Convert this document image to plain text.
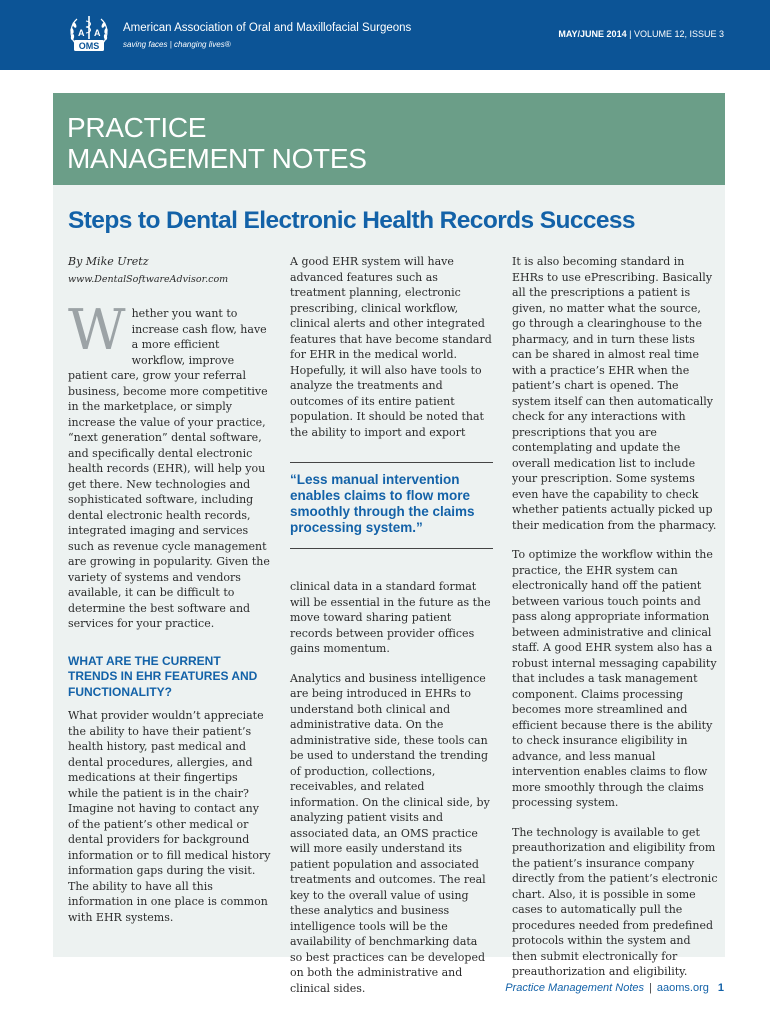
A A
OMS
American Association of Oral and Maxillofacial Surgeons
saving faces | changing lives®
MAY/JUNE 2014 | VOLUME 12, ISSUE 3
PRACTICE
MANAGEMENT NOTES
Steps to Dental Electronic Health Records Success

By Mike Uretz

www.DentalSoftwareAdvisor.com

Whether you want to increase cash flow, have a more efficient workflow, improve patient care, grow your referral business, become more competitive in the marketplace, or simply increase the value of your practice, “next generation” dental software, and specifically dental electronic health records (EHR), will help you get there. New technologies and sophisticated software, including dental electronic health records, integrated imaging and services such as revenue cycle management are growing in popularity. Given the variety of systems and vendors available, it can be difficult to determine the best software and services for your practice.

WHAT ARE THE CURRENT TRENDS IN EHR FEATURES AND FUNCTIONALITY?

What provider wouldn’t appreciate the ability to have their patient’s health history, past medical and dental procedures, allergies, and medications at their fingertips while the patient is in the chair? Imagine not having to contact any of the patient’s other medical or dental providers for background information or to fill medical history information gaps during the visit. The ability to have all this information in one place is common with EHR systems.

A good EHR system will have advanced features such as treatment planning, electronic prescribing, clinical workflow, clinical alerts and other integrated features that have become standard for EHR in the medical world. Hopefully, it will also have tools to analyze the treatments and outcomes of its entire patient population. It should be noted that the ability to import and export

“Less manual intervention enables claims to flow more smoothly through the claims processing system.”

clinical data in a standard format will be essential in the future as the move toward sharing patient records between provider offices gains momentum.

Analytics and business intelligence are being introduced in EHRs to understand both clinical and administrative data. On the administrative side, these tools can be used to understand the trending of production, collections, receivables, and related information. On the clinical side, by analyzing patient visits and associated data, an OMS practice will more easily understand its patient population and associated treatments and outcomes. The real key to the overall value of using these analytics and business intelligence tools will be the availability of benchmarking data so best practices can be developed on both the administrative and clinical sides.

It is also becoming standard in EHRs to use ePrescribing. Basically all the prescriptions a patient is given, no matter what the source, go through a clearinghouse to the pharmacy, and in turn these lists can be shared in almost real time with a practice’s EHR when the patient’s chart is opened. The system itself can then automatically check for any interactions with prescriptions that you are contemplating and update the overall medication list to include your prescription. Some systems even have the capability to check whether patients actually picked up their medication from the pharmacy.

To optimize the workflow within the practice, the EHR system can electronically hand off the patient between various touch points and pass along appropriate information between administrative and clinical staff. A good EHR system also has a robust internal messaging capability that includes a task management component. Claims processing becomes more streamlined and efficient because there is the ability to check insurance eligibility in advance, and less manual intervention enables claims to flow more smoothly through the claims processing system.

The technology is available to get preauthorization and eligibility from the patient’s insurance company directly from the patient’s electronic chart. Also, it is possible in some cases to automatically pull the procedures needed from predefined protocols within the system and then submit electronically for preauthorization and eligibility.

Practice Management Notes | aaoms.org 1
